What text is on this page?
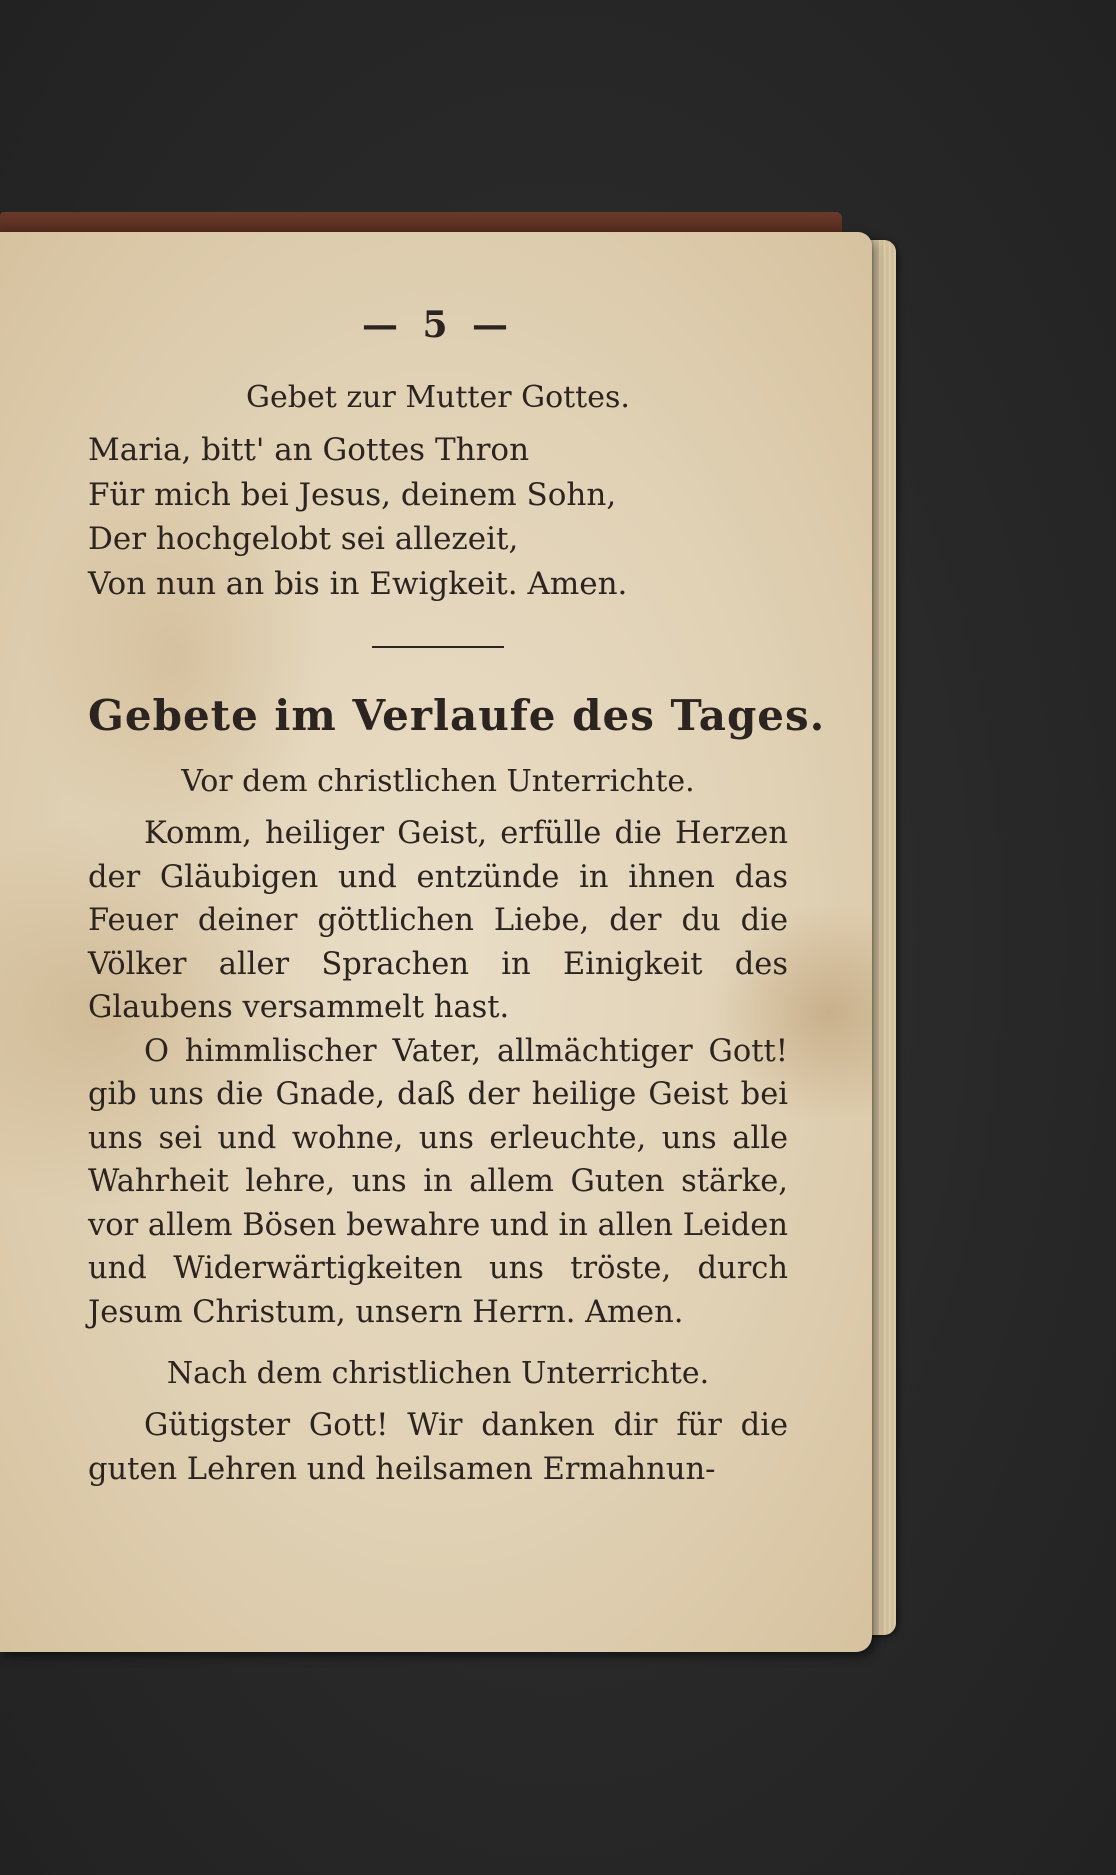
— 5 —
Gebet zur Mutter Gottes.

Maria, bitt' an Gottes Thron

Für mich bei Jesus, deinem Sohn,

Der hochgelobt sei allezeit,

Von nun an bis in Ewigkeit. Amen.

Gebete im Verlaufe des Tages.
Vor dem christlichen Unterrichte.

Komm, heiliger Geist, erfülle die Herzen der Gläubigen und entzünde in ihnen das Feuer deiner göttlichen Liebe, der du die Völker aller Sprachen in Einigkeit des Glaubens versammelt hast.

O himmlischer Vater, allmächtiger Gott! gib uns die Gnade, daß der heilige Geist bei uns sei und wohne, uns erleuchte, uns alle Wahrheit lehre, uns in allem Guten stärke, vor allem Bösen bewahre und in allen Leiden und Widerwärtigkeiten uns tröste, durch Jesum Christum, unsern Herrn. Amen.

Nach dem christlichen Unterrichte.

Gütigster Gott! Wir danken dir für die guten Lehren und heilsamen Ermahnun-
